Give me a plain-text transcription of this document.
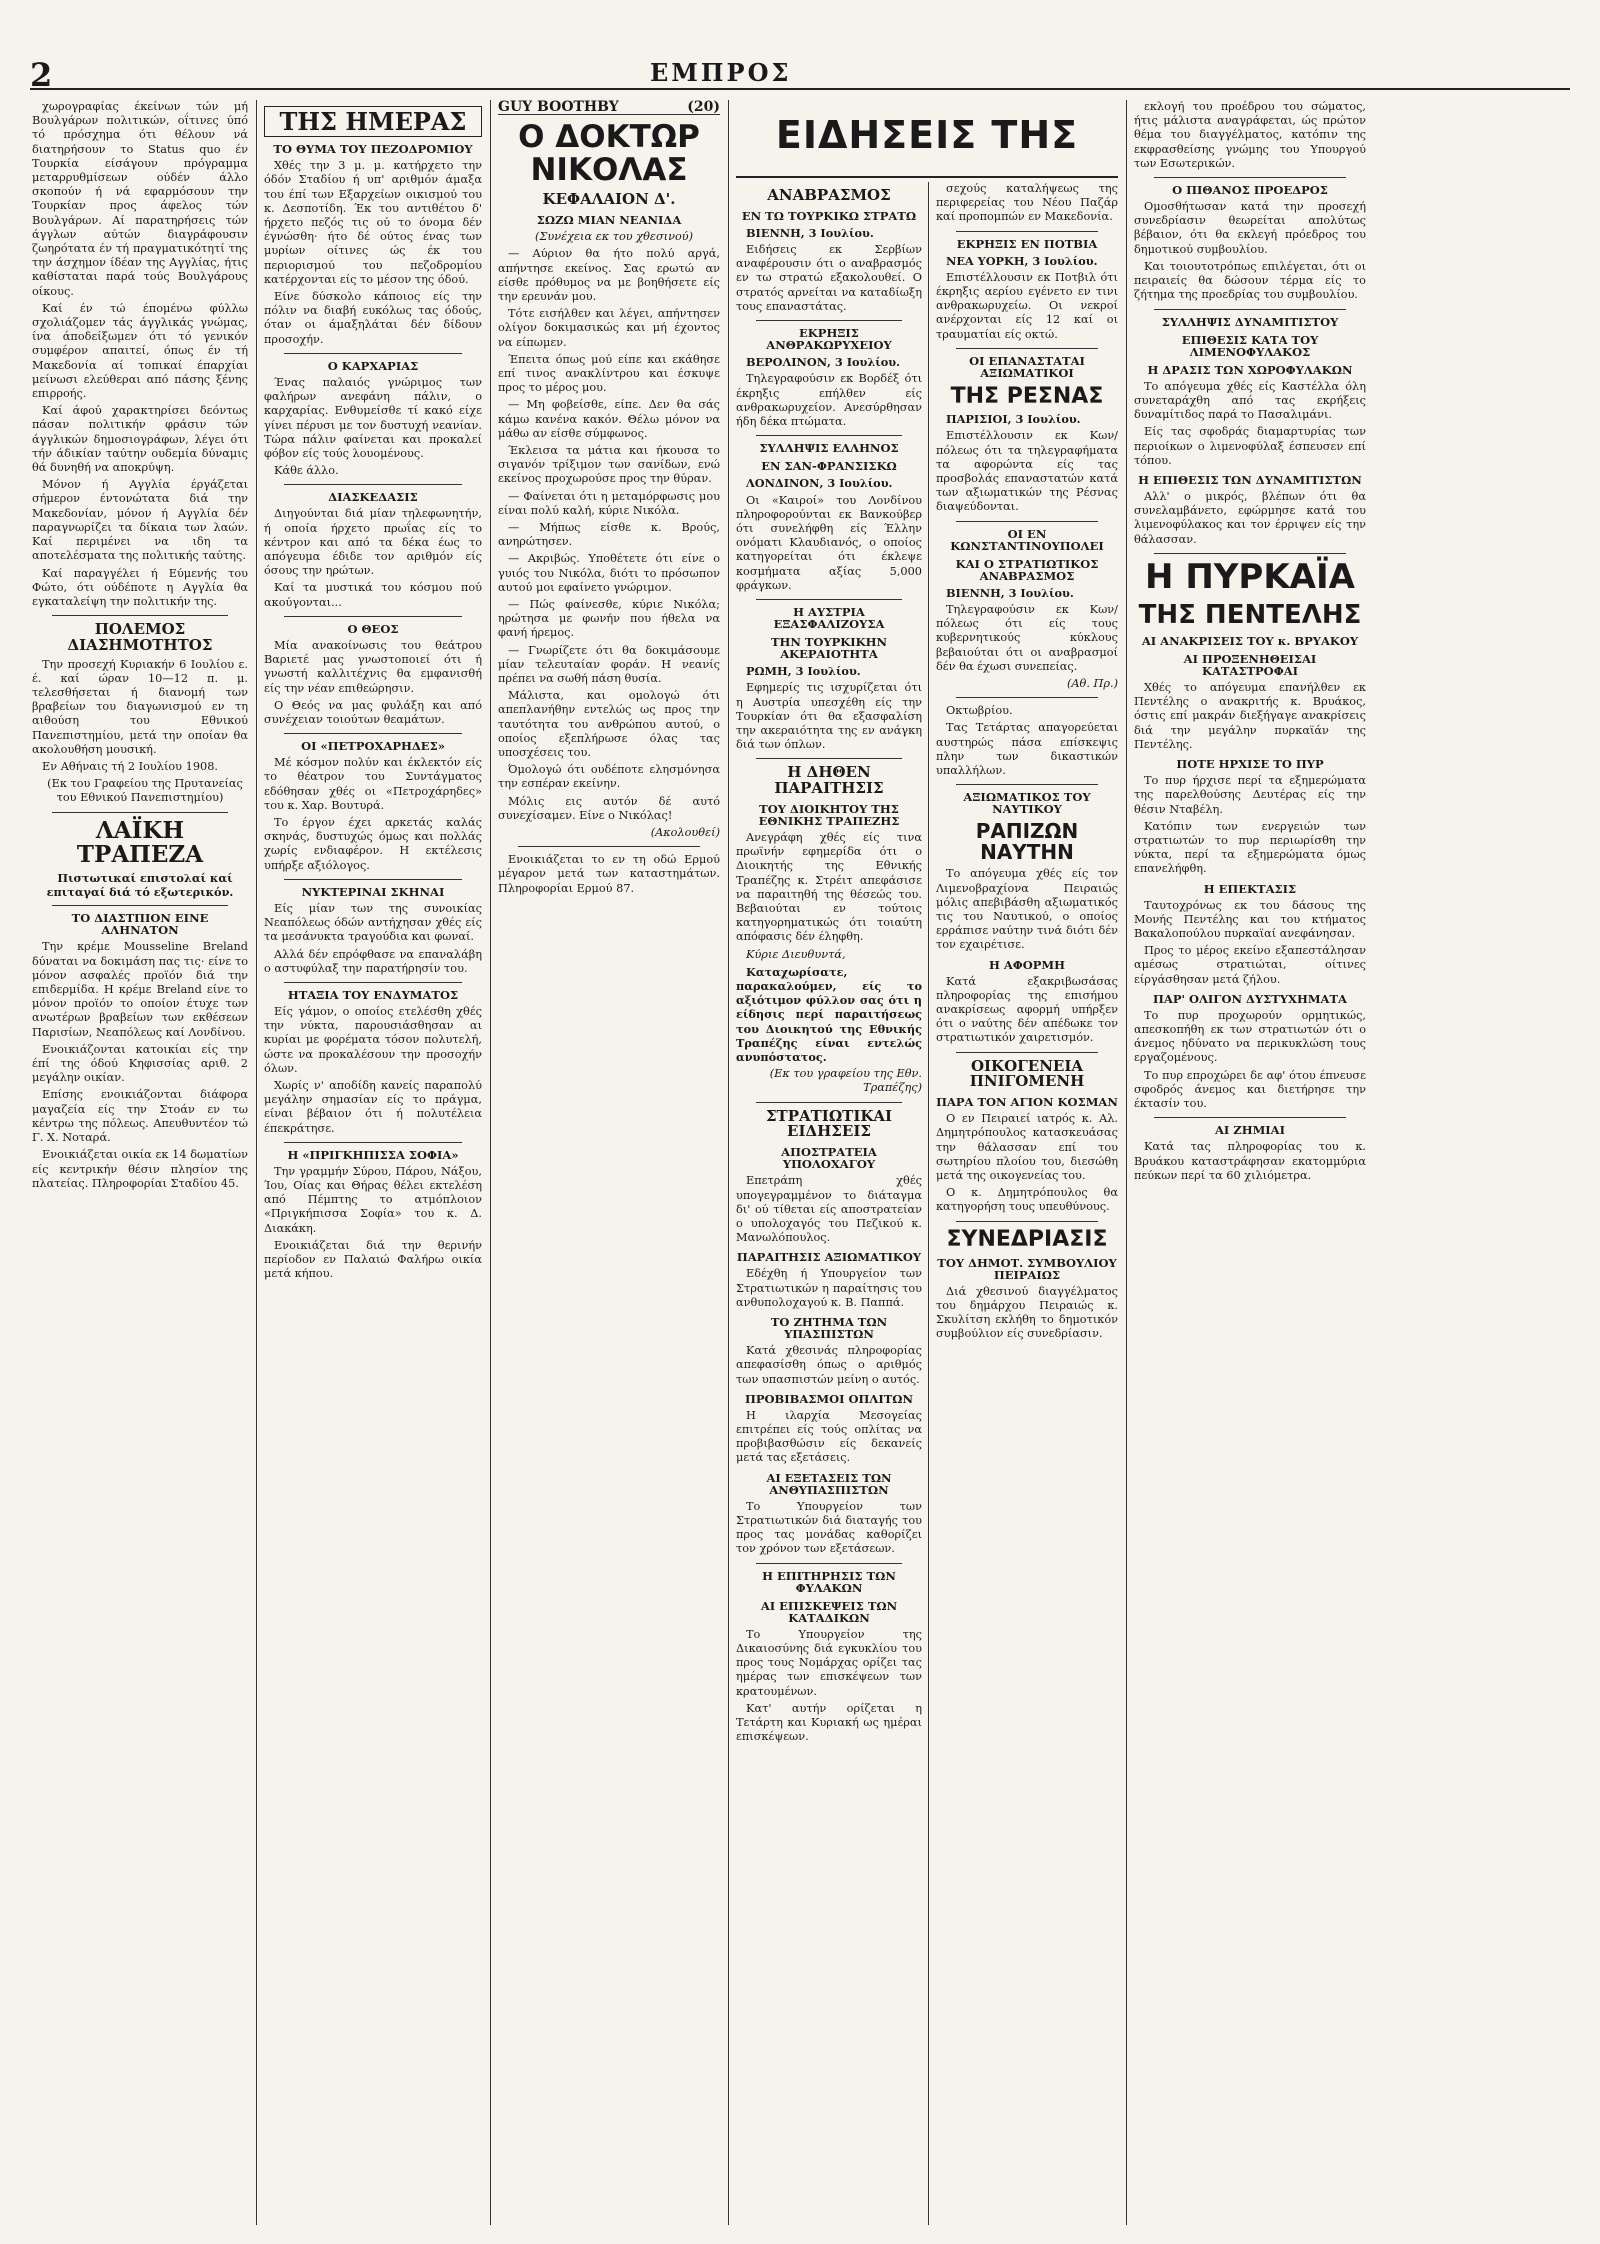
2	ΕΜΠΡΟΣ

χωρογραφίας έκείνων τών μή Βουλγάρων πολιτικών, οΐτινες ύπό τό πρόσχημα ότι θέλουν νά διατηρήσουν το Status quo έν Τουρκία είσάγουν πρόγραμμα μεταρρυθμίσεων ούδέν άλλο σκοπούν ή νά εφαρμόσουν την Τουρκίαν προς άφελος τών Βουλγάρων. Αί παρατηρήσεις τών άγγλων αύτών διαγράφουσιν ζωηρότατα έν τή πραγματικότητί της την άσχημον ίδέαν της Αγγλίας, ήτις καθίσταται παρά τούς Βουλγάρους οίκους.

Καί έν τώ έπομένω φύλλω σχολιάζομεν τάς άγγλικάς γνώμας, ίνα άποδείξωμεν ότι τό γενικόν συμφέρον απαιτεί, όπως έν τή Μακεδονία αί τοπικαί έπαρχίαι μείνωσι ελεύθεραι από πάσης ξένης επιρροής.

Καί άφού χαρακτηρίσει δεόντως πάσαν πολιτικήν φράσιν τών άγγλικών δημοσιογράφων, λέγει ότι τήν άδικίαν ταύτην ουδεμία δύναμις θά δυνηθή να αποκρύψη.

Μόνον ή Αγγλία έργάζεται σήμερον έντονώτατα διά την Μακεδονίαν, μόνον ή Αγγλία δέν παραγνωρίζει τα δίκαια των λαών. Καί περιμένει να ιδη τα αποτελέσματα της πολιτικής ταύτης.

Καί παραγγέλει ή Εύμενής του Φώτο, ότι ούδέποτε η Αγγλία θα εγκαταλείψη την πολιτικήν της.

ΠΟΛΕΜΟΣ ΔΙΑΣΗΜΟΤΗΤΟΣ

Την προσεχή Κυριακήν 6 Ιουλίου ε. έ. καί ώραν 10—12 π. μ. τελεσθήσεται ή διανομή των βραβείων του διαγωνισμού εν τη αιθούση του Εθνικού Πανεπιστημίου, μετά την οποίαν θα ακολουθήση μουσική.

Εν Αθήναις τή 2 Ιουλίου 1908.

(Εκ του Γραφείου της Πρυτανείας του Εθνικού Πανεπιστημίου)

ΛΑΪΚΗ ΤΡΑΠΕΖΑ

Πιστωτικαί επιστολαί καί επιταγαί διά τό εξωτερικόν.

ΤΟ ΔΙΑΣΤΠΙΟΝ ΕΙΝΕ ΑΛΗΝΑΤΟΝ

Την κρέμε Mousseline Breland δύναται να δοκιμάση πας τις· είνε το μόνον ασφαλές προϊόν διά την επιδερμίδα. Η κρέμε Breland είνε το μόνον προϊόν το οποίον έτυχε των ανωτέρων βραβείων των εκθέσεων Παρισίων, Νεαπόλεως καί Λονδίνου.

Ενοικιάζονται κατοικίαι είς την έπί της όδού Κηφισσίας αριθ. 2 μεγάλην οικίαν.

Επίσης ενοικιάζονται διάφορα μαγαζεία είς την Στοάν εν τω κέντρω της πόλεως. Απευθυντέον τώ Γ. Χ. Νοταρά.

Ενοικιάζεται οικία εκ 14 δωματίων είς κεντρικήν θέσιν πλησίον της πλατείας. Πληροφορίαι Σταδίου 45.

ΤΗΣ ΗΜΕΡΑΣ
ΤΟ ΘΥΜΑ ΤΟΥ ΠΕΖΟΔΡΟΜΙΟΥ

Χθές την 3 μ. μ. κατήρχετο την όδόν Σταδίου ή υπ' αριθμόν άμαξα του έπί των Εξαρχείων οικισμού του κ. Δεσποτίδη. Έκ του αντιθέτου δ' ήρχετο πεζός τις ού το όνομα δέν έγνώσθη· ήτο δέ ούτος ένας των μυρίων οίτινες ώς έκ του περιορισμού του πεζοδρομίου κατέρχονται είς το μέσον της όδού.

Είνε δύσκολο κάποιος είς την πόλιν να διαβή ευκόλως τας όδούς, όταν οι άμαξηλάται δέν δίδουν προσοχήν.

Ο ΚΑΡΧΑΡΙΑΣ

Ένας παλαιός γνώριμος των φαλήρων ανεφάνη πάλιν, ο καρχαρίας. Ενθυμείσθε τί κακό είχε γίνει πέρυσι με τον δυστυχή νεανίαν. Τώρα πάλιν φαίνεται και προκαλεί φόβον είς τούς λουομένους.

Κάθε άλλο.

ΔΙΑΣΚΕΔΑΣΙΣ

Διηγούνται διά μίαν τηλεφωνητήν, ή οποία ήρχετο πρωΐας είς το κέντρον και από τα δέκα έως το απόγευμα έδιδε τον αριθμόν είς όσους την ηρώτων.

Καί τα μυστικά του κόσμου πού ακούγονται...

Ο ΘΕΟΣ

Μία ανακοίνωσις του θεάτρου Βαριετέ μας γνωστοποιεί ότι ή γνωστή καλλιτέχνις θα εμφανισθή είς την νέαν επιθεώρησιν.

Ο Θεός να μας φυλάξη και από συνέχειαν τοιούτων θεαμάτων.

ΟΙ «ΠΕΤΡΟΧΑΡΗΔΕΣ»

Μέ κόσμον πολύν και έκλεκτόν είς το θέατρον του Συντάγματος εδόθησαν χθές οι «Πετροχάρηδες» του κ. Χαρ. Βουτυρά.

Το έργον έχει αρκετάς καλάς σκηνάς, δυστυχώς όμως και πολλάς χωρίς ενδιαφέρον. Η εκτέλεσις υπήρξε αξιόλογος.

ΝΥΚΤΕΡΙΝΑΙ ΣΚΗΝΑΙ

Είς μίαν των της συνοικίας Νεαπόλεως όδών αντήχησαν χθές είς τα μεσάνυκτα τραγούδια και φωναί.

Αλλά δέν επρόφθασε να επαναλάβη ο αστυφύλαξ την παρατήρησίν του.

ΗΤΑΞΙΑ ΤΟΥ ΕΝΔΥΜΑΤΟΣ

Είς γάμον, ο οποίος ετελέσθη χθές την νύκτα, παρουσιάσθησαν αι κυρίαι με φορέματα τόσον πολυτελή, ώστε να προκαλέσουν την προσοχήν όλων.

Χωρίς ν' αποδίδη κανείς παραπολύ μεγάλην σημασίαν είς το πράγμα, είναι βέβαιον ότι ή πολυτέλεια έπεκράτησε.

Η «ΠΡΙΓΚΗΠΙΣΣΑ ΣΟΦΙΑ»

Την γραμμήν Σύρου, Πάρου, Νάξου, Ίου, Οίας και Θήρας θέλει εκτελέση από Πέμπτης το ατμόπλοιον «Πριγκήπισσα Σοφία» του κ. Δ. Διακάκη.

Ενοικιάζεται διά την θερινήν περίοδον εν Παλαιώ Φαλήρω οικία μετά κήπου.

GUY BOOTHBY	(20)
Ο ΔΟΚΤΩΡ ΝΙΚΟΛΑΣ
ΚΕΦΑΛΑΙΟΝ Δ'.
ΣΩΖΩ ΜΙΑΝ ΝΕΑΝΙΔΑ

(Συνέχεια εκ του χθεσινού)

— Αύριον θα ήτο πολύ αργά, απήντησε εκείνος. Σας ερωτώ αν είσθε πρόθυμος να με βοηθήσετε είς την ερευνάν μου.

Τότε εισήλθεν και λέγει, απήντησεν ολίγον δοκιμασικώς και μή έχοντος να είπωμεν.

Έπειτα όπως μού είπε και εκάθησε επί τινος ανακλίντρου και έσκυψε προς το μέρος μου.

— Μη φοβείσθε, είπε. Δεν θα σάς κάμω κανένα κακόν. Θέλω μόνον να μάθω αν είσθε σύμφωνος.

Έκλεισα τα μάτια και ήκουσα το σιγανόν τρίξιμον των σανίδων, ενώ εκείνος προχωρούσε προς την θύραν.

— Φαίνεται ότι η μεταμόρφωσις μου είναι πολύ καλή, κύριε Νικόλα.

— Μήπως είσθε κ. Βρούς, ανηρώτησεν.

— Ακριβώς. Υποθέτετε ότι είνε ο γυιός του Νικόλα, διότι το πρόσωπον αυτού μοι εφαίνετο γνώριμον.

— Πώς φαίνεσθε, κύριε Νικόλα; ηρώτησα με φωνήν που ήθελα να φανή ήρεμος.

— Γνωρίζετε ότι θα δοκιμάσουμε μίαν τελευταίαν φοράν. Η νεανίς πρέπει να σωθή πάση θυσία.

Μάλιστα, και ομολογώ ότι απεπλανήθην εντελώς ως προς την ταυτότητα του ανθρώπου αυτού, ο οποίος εξεπλήρωσε όλας τας υποσχέσεις του.

Όμολογώ ότι ουδέποτε ελησμόνησα την εσπέραν εκείνην.

Μόλις εις αυτόν δέ αυτό συνεχίσαμεν. Είνε ο Νικόλας!

(Ακολουθεί)

Ενοικιάζεται το εν τη οδώ Ερμού μέγαρον μετά των καταστημάτων. Πληροφορίαι Ερμού 87.

ΕΙΔΗΣΕΙΣ ΤΗΣ
ΑΝΑΒΡΑΣΜΟΣ
ΕΝ ΤΩ ΤΟΥΡΚΙΚΩ ΣΤΡΑΤΩ

ΒΙΕΝΝΗ, 3 Ιουλίου.

Ειδήσεις εκ Σερβίων αναφέρουσιν ότι ο αναβρασμός εν τω στρατώ εξακολουθεί. Ο στρατός αρνείται να καταδίωξη τους επαναστάτας.

ΕΚΡΗΞΙΣ ΑΝΘΡΑΚΩΡΥΧΕΙΟΥ

ΒΕΡΟΛΙΝΟΝ, 3 Ιουλίου.

Τηλεγραφούσιν εκ Βορδέξ ότι έκρηξις επήλθεν είς ανθρακωρυχείον. Ανεσύρθησαν ήδη δέκα πτώματα.

ΣΥΛΛΗΨΙΣ ΕΛΛΗΝΟΣ
ΕΝ ΣΑΝ-ΦΡΑΝΣΙΣΚΩ

ΛΟΝΔΙΝΟΝ, 3 Ιουλίου.

Οι «Καιροί» του Λονδίνου πληροφορούνται εκ Βανκούβερ ότι συνελήφθη είς Έλλην ονόματι Κλαυδιανός, ο οποίος κατηγορείται ότι έκλεψε κοσμήματα αξίας 5,000 φράγκων.

Η ΑΥΣΤΡΙΑ ΕΞΑΣΦΑΛΙΖΟΥΣΑ
ΤΗΝ ΤΟΥΡΚΙΚΗΝ ΑΚΕΡΑΙΟΤΗΤΑ

ΡΩΜΗ, 3 Ιουλίου.

Εφημερίς τις ισχυρίζεται ότι η Αυστρία υπεσχέθη είς την Τουρκίαν ότι θα εξασφαλίση την ακεραιότητα της εν ανάγκη διά των όπλων.

Η ΔΗΘΕΝ ΠΑΡΑΙΤΗΣΙΣ
ΤΟΥ ΔΙΟΙΚΗΤΟΥ ΤΗΣ ΕΘΝΙΚΗΣ ΤΡΑΠΕΖΗΣ

Ανεγράφη χθές είς τινα πρωϊνήν εφημερίδα ότι ο Διοικητής της Εθνικής Τραπέζης κ. Στρέιτ απεφάσισε να παραιτηθή της θέσεώς του. Βεβαιούται εν τούτοις κατηγορηματικώς ότι τοιαύτη απόφασις δέν έληφθη.

Κύριε Διευθυντά,

Καταχωρίσατε, παρακαλούμεν, είς το αξιότιμον φύλλον σας ότι η είδησις περί παραιτήσεως του Διοικητού της Εθνικής Τραπέζης είναι εντελώς ανυπόστατος.

(Εκ του γραφείου της Εθν. Τραπέζης)

ΣΤΡΑΤΙΩΤΙΚΑΙ ΕΙΔΗΣΕΙΣ
ΑΠΟΣΤΡΑΤΕΙΑ ΥΠΟΛΟΧΑΓΟΥ

Επετράπη χθές υπογεγραμμένον το διάταγμα δι' ού τίθεται είς αποστρατείαν ο υπολοχαγός του Πεζικού κ. Μανωλόπουλος.

ΠΑΡΑΙΤΗΣΙΣ ΑΞΙΩΜΑΤΙΚΟΥ

Εδέχθη ή Υπουργείον των Στρατιωτικών η παραίτησις του ανθυπολοχαγού κ. Β. Παππά.

ΤΟ ΖΗΤΗΜΑ ΤΩΝ ΥΠΑΣΠΙΣΤΩΝ

Κατά χθεσινάς πληροφορίας απεφασίσθη όπως ο αριθμός των υπασπιστών μείνη ο αυτός.

ΠΡΟΒΙΒΑΣΜΟΙ ΟΠΛΙΤΩΝ

Η ιλαρχία Μεσογείας επιτρέπει είς τούς οπλίτας να προβιβασθώσιν είς δεκανείς μετά τας εξετάσεις.

ΑΙ ΕΞΕΤΑΣΕΙΣ ΤΩΝ ΑΝΘΥΠΑΣΠΙΣΤΩΝ

Το Υπουργείον των Στρατιωτικών διά διαταγής του προς τας μονάδας καθορίζει τον χρόνον των εξετάσεων.

Η ΕΠΙΤΗΡΗΣΙΣ ΤΩΝ ΦΥΛΑΚΩΝ
ΑΙ ΕΠΙΣΚΕΨΕΙΣ ΤΩΝ ΚΑΤΑΔΙΚΩΝ

Το Υπουργείον της Δικαιοσύνης διά εγκυκλίου του προς τους Νομάρχας ορίζει τας ημέρας των επισκέψεων των κρατουμένων.

Κατ' αυτήν ορίζεται η Τετάρτη και Κυριακή ως ημέραι επισκέψεων.

σεχούς καταλήψεως της περιφερείας του Νέου Παζάρ καί προπομπών εν Μακεδονία.

ΕΚΡΗΞΙΣ ΕΝ ΠΟΤΒΙΑ

ΝΕΑ ΥΟΡΚΗ, 3 Ιουλίου.

Επιστέλλουσιν εκ Ποτβιλ ότι έκρηξις αερίου εγένετο εν τινι ανθρακωρυχείω. Οι νεκροί ανέρχονται είς 12 καί οι τραυματίαι είς οκτώ.

ΟΙ ΕΠΑΝΑΣΤΑΤΑΙ ΑΞΙΩΜΑΤΙΚΟΙ
ΤΗΣ ΡΕΣΝΑΣ

ΠΑΡΙΣΙΟΙ, 3 Ιουλίου.

Επιστέλλουσιν εκ Κων/πόλεως ότι τα τηλεγραφήματα τα αφορώντα είς τας προσβολάς επαναστατών κατά των αξιωματικών της Ρέσνας διαψεύδονται.

ΟΙ ΕΝ ΚΩΝΣΤΑΝΤΙΝΟΥΠΟΛΕΙ
ΚΑΙ Ο ΣΤΡΑΤΙΩΤΙΚΟΣ ΑΝΑΒΡΑΣΜΟΣ

ΒΙΕΝΝΗ, 3 Ιουλίου.

Τηλεγραφούσιν εκ Κων/πόλεως ότι είς τους κυβερνητικούς κύκλους βεβαιούται ότι οι αναβρασμοί δέν θα έχωσι συνεπείας.

(Αθ. Πρ.)

Οκτωβρίου.

Τας Τετάρτας απαγορεύεται αυστηρώς πάσα επίσκεψις πλην των δικαστικών υπαλλήλων.

ΑΞΙΩΜΑΤΙΚΟΣ ΤΟΥ ΝΑΥΤΙΚΟΥ
ΡΑΠΙΖΩΝ ΝΑΥΤΗΝ

Το απόγευμα χθές είς τον Λιμενοβραχίονα Πειραιώς μόλις απεβιβάσθη αξιωματικός τις του Ναυτικού, ο οποίος ερράπισε ναύτην τινά διότι δέν τον εχαιρέτισε.

Η ΑΦΟΡΜΗ

Κατά εξακριβωσάσας πληροφορίας της επισήμου ανακρίσεως αφορμή υπήρξεν ότι ο ναύτης δέν απέδωκε τον στρατιωτικόν χαιρετισμόν.

ΟΙΚΟΓΕΝΕΙΑ ΠΝΙΓΟΜΕΝΗ
ΠΑΡΑ ΤΟΝ ΑΓΙΟΝ ΚΟΣΜΑΝ

Ο εν Πειραιεί ιατρός κ. Αλ. Δημητρόπουλος κατασκευάσας την θάλασσαν επί του σωτηρίου πλοίου του, διεσώθη μετά της οικογενείας του.

Ο κ. Δημητρόπουλος θα κατηγορήση τους υπευθύνους.

ΣΥΝΕΔΡΙΑΣΙΣ
ΤΟΥ ΔΗΜΟΤ. ΣΥΜΒΟΥΛΙΟΥ ΠΕΙΡΑΙΩΣ

Διά χθεσινού διαγγέλματος του δημάρχου Πειραιώς κ. Σκυλίτση εκλήθη το δημοτικόν συμβούλιον είς συνεδρίασιν.

εκλογή του προέδρου του σώματος, ήτις μάλιστα αναγράφεται, ώς πρώτον θέμα του διαγγέλματος, κατόπιν της εκφρασθείσης γνώμης του Υπουργού των Εσωτερικών.

Ο ΠΙΘΑΝΟΣ ΠΡΟΕΔΡΟΣ

Ομοσθήτωσαν κατά την προσεχή συνεδρίασιν θεωρείται απολύτως βέβαιον, ότι θα εκλεγή πρόεδρος του δημοτικού συμβουλίου.

Και τοιουτοτρόπως επιλέγεται, ότι οι πειραιείς θα δώσουν τέρμα είς το ζήτημα της προεδρίας του συμβουλίου.

ΣΥΛΛΗΨΙΣ ΔΥΝΑΜΙΤΙΣΤΟΥ
ΕΠΙΘΕΣΙΣ ΚΑΤΑ ΤΟΥ ΛΙΜΕΝΟΦΥΛΑΚΟΣ
Η ΔΡΑΣΙΣ ΤΩΝ ΧΩΡΟΦΥΛΑΚΩΝ

Το απόγευμα χθές είς Καστέλλα όλη συνεταράχθη από τας εκρήξεις δυναμίτιδος παρά το Πασαλιμάνι.

Είς τας σφοδράς διαμαρτυρίας των περιοίκων ο λιμενοφύλαξ έσπευσεν επί τόπου.

Η ΕΠΙΘΕΣΙΣ ΤΩΝ ΔΥΝΑΜΙΤΙΣΤΩΝ

Αλλ' ο μικρός, βλέπων ότι θα συνελαμβάνετο, εφώρμησε κατά του λιμενοφύλακος και τον έρριψεν είς την θάλασσαν.

Η ΠΥΡΚΑΪΑ
ΤΗΣ ΠΕΝΤΕΛΗΣ
ΑΙ ΑΝΑΚΡΙΣΕΙΣ ΤΟΥ κ. ΒΡΥΑΚΟΥ
ΑΙ ΠΡΟΞΕΝΗΘΕΙΣΑΙ ΚΑΤΑΣΤΡΟΦΑΙ

Χθές το απόγευμα επανήλθεν εκ Πεντέλης ο ανακριτής κ. Βρυάκος, όστις επί μακράν διεξήγαγε ανακρίσεις διά την μεγάλην πυρκαϊάν της Πεντέλης.

ΠΟΤΕ ΗΡΧΙΣΕ ΤΟ ΠΥΡ

Το πυρ ήρχισε περί τα εξημερώματα της παρελθούσης Δευτέρας είς την θέσιν Νταβέλη.

Κατόπιν των ενεργειών των στρατιωτών το πυρ περιωρίσθη την νύκτα, περί τα εξημερώματα όμως επανελήφθη.

Η ΕΠΕΚΤΑΣΙΣ

Ταυτοχρόνως εκ του δάσους της Μονής Πεντέλης και του κτήματος Βακαλοπούλου πυρκαϊαί ανεφάνησαν.

Προς το μέρος εκείνο εξαπεστάλησαν αμέσως στρατιώται, οίτινες είργάσθησαν μετά ζήλου.

ΠΑΡ' ΟΛΙΓΟΝ ΔΥΣΤΥΧΗΜΑΤΑ

Το πυρ προχωρούν ορμητικώς, απεσκοπήθη εκ των στρατιωτών ότι ο άνεμος ηδύνατο να περικυκλώση τους εργαζομένους.

Το πυρ επροχώρει δε αφ' ότου έπνευσε σφοδρός άνεμος και διετήρησε την έκτασίν του.

ΑΙ ΖΗΜΙΑΙ

Κατά τας πληροφορίας του κ. Βρυάκου καταστράφησαν εκατομμύρια πεύκων περί τα 60 χιλιόμετρα.
